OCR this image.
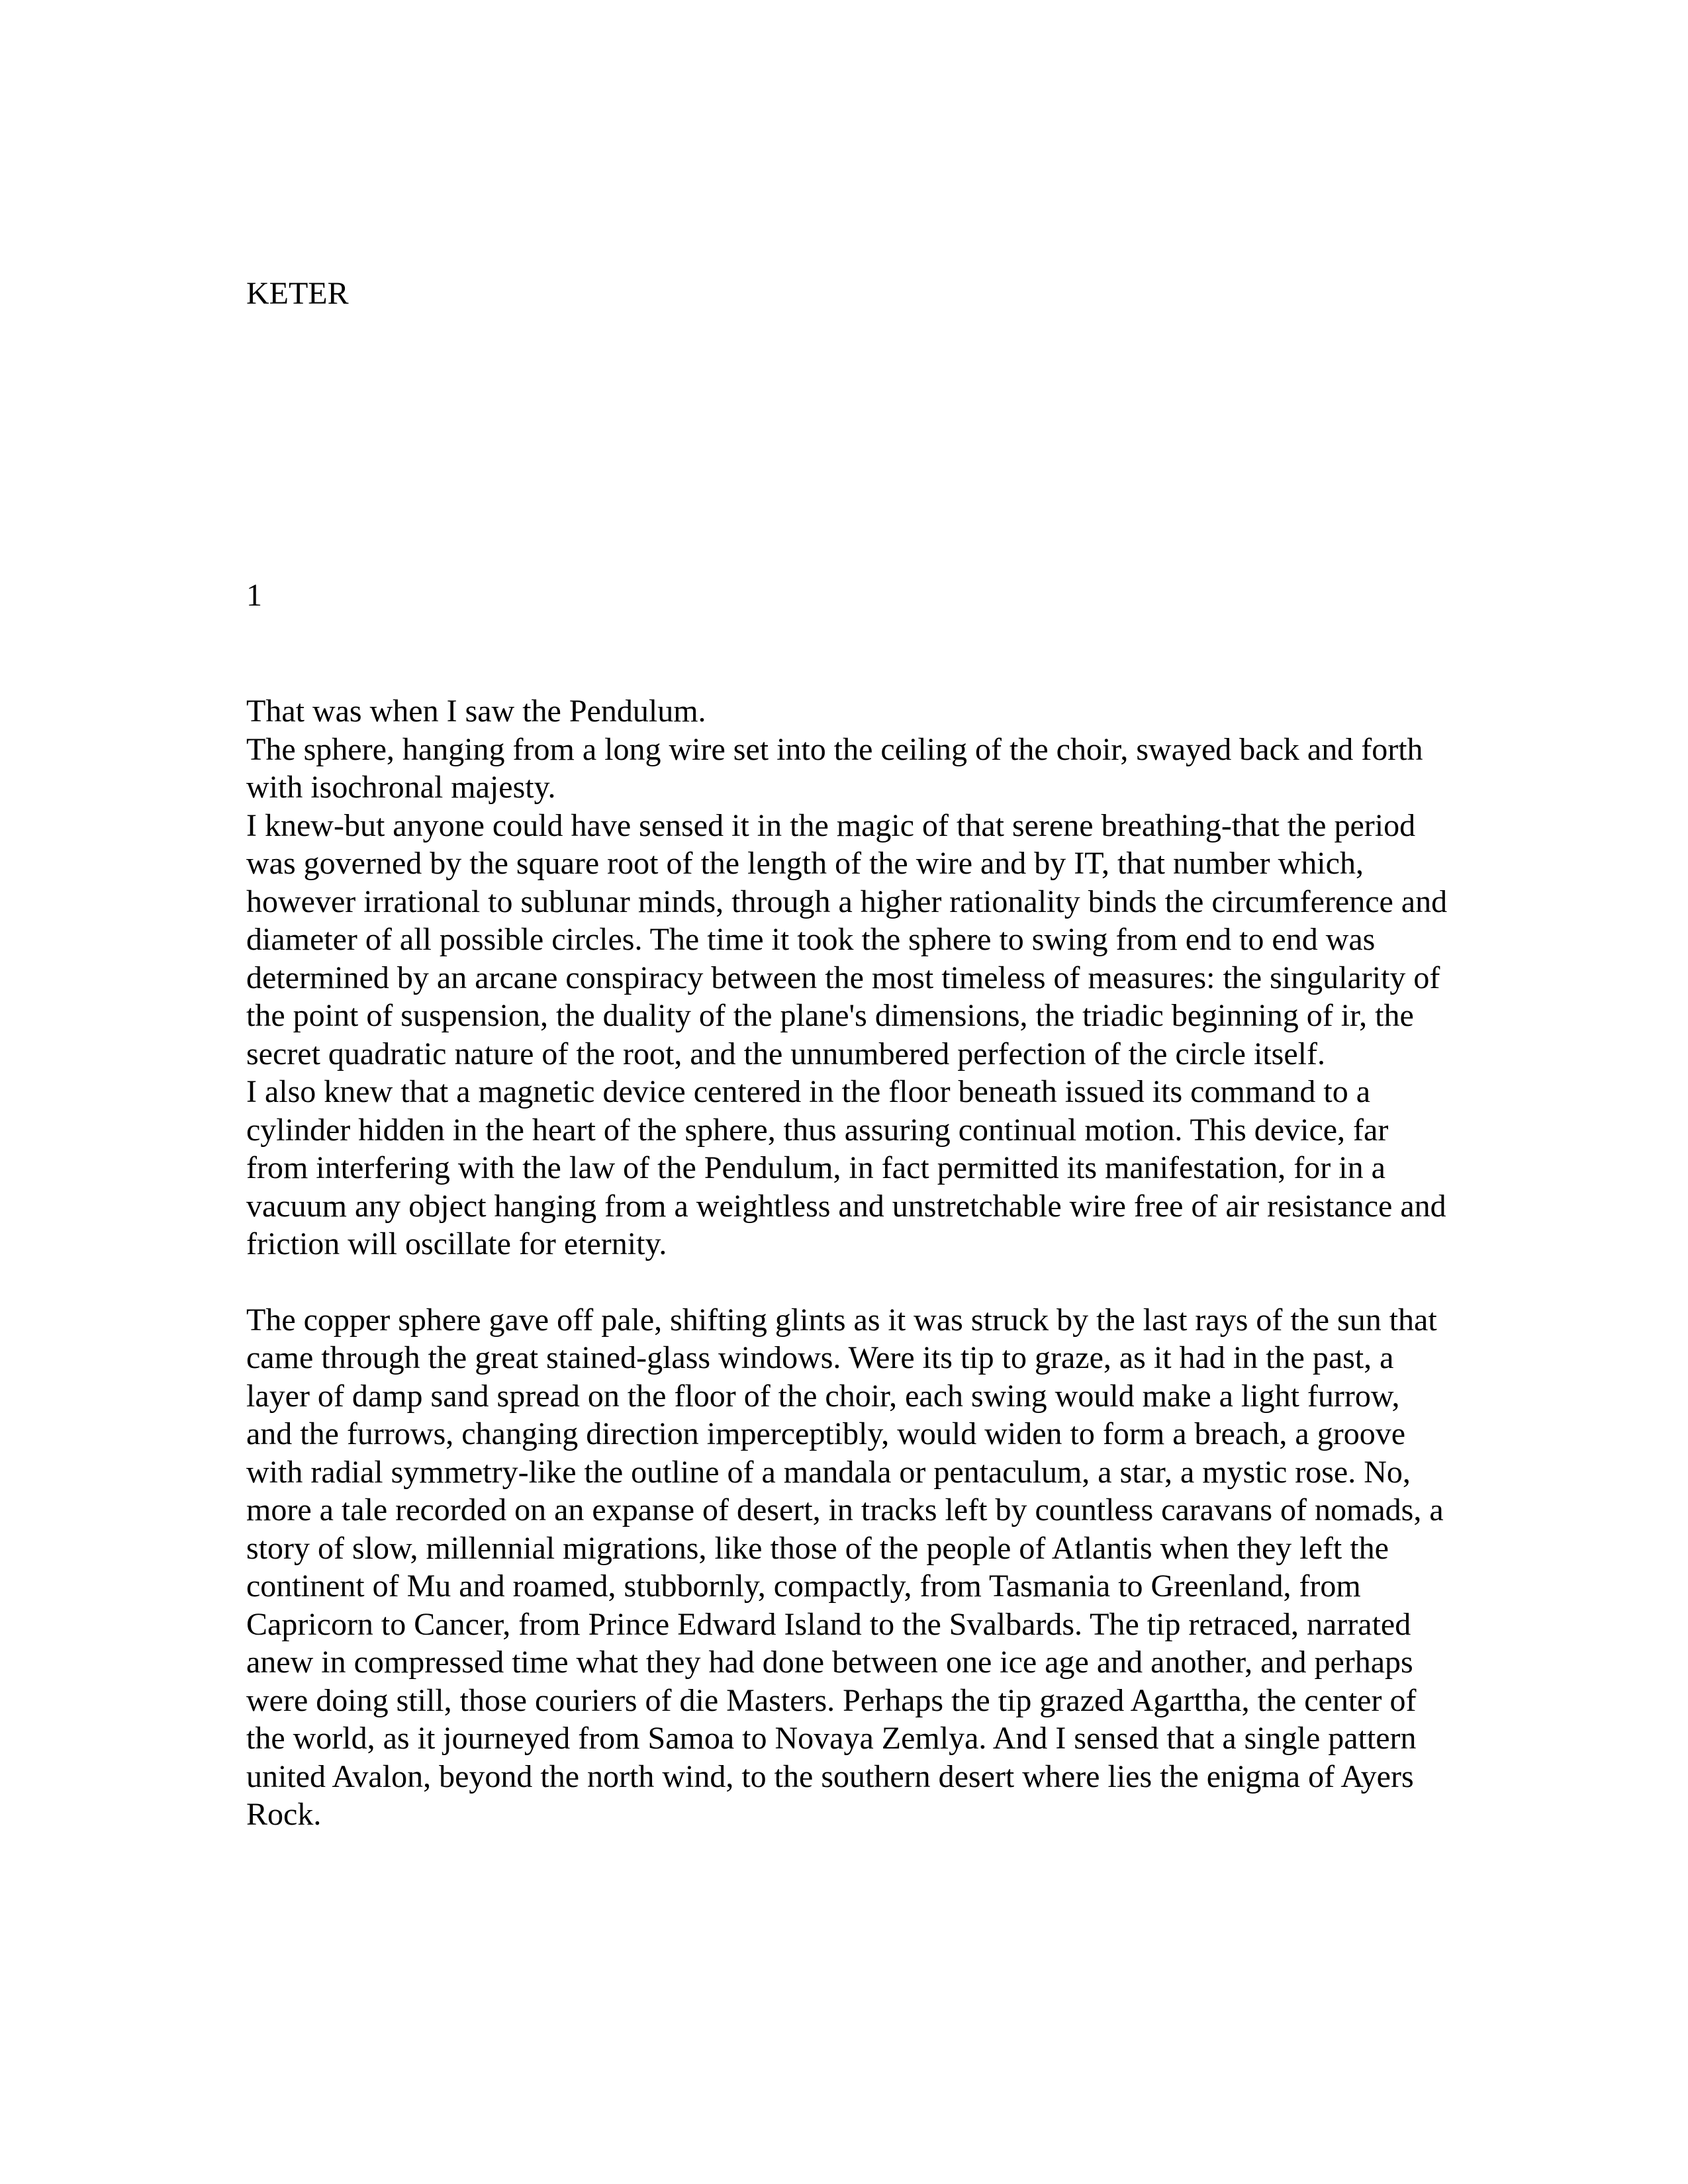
KETER
1

That was when I saw the Pendulum.

The sphere, hanging from a long wire set into the ceiling of the choir, swayed back and forth with isochronal majesty.

I knew-but anyone could have sensed it in the magic of that serene breathing-that the period was governed by the square root of the length of the wire and by IT, that number which, however irrational to sublunar minds, through a higher rationality binds the circumference and diameter of all possible circles. The time it took the sphere to swing from end to end was determined by an arcane conspiracy between the most timeless of measures: the singularity of the point of suspension, the duality of the plane's dimensions, the triadic beginning of ir, the secret quadratic nature of the root, and the unnumbered perfection of the circle itself.

I also knew that a magnetic device centered in the floor beneath issued its command to a cylinder hidden in the heart of the sphere, thus assuring continual motion. This device, far from interfering with the law of the Pendulum, in fact permitted its manifestation, for in a vacuum any object hanging from a weightless and unstretchable wire free of air resistance and friction will oscillate for eternity.

The copper sphere gave off pale, shifting glints as it was struck by the last rays of the sun that came through the great stained-glass windows. Were its tip to graze, as it had in the past, a layer of damp sand spread on the floor of the choir, each swing would make a light furrow, and the furrows, changing direction imperceptibly, would widen to form a breach, a groove with radial symmetry-like the outline of a mandala or pentaculum, a star, a mystic rose. No, more a tale recorded on an expanse of desert, in tracks left by countless caravans of nomads, a story of slow, millennial migrations, like those of the people of Atlantis when they left the continent of Mu and roamed, stubbornly, compactly, from Tasmania to Greenland, from Capricorn to Cancer, from Prince Edward Island to the Svalbards. The tip retraced, narrated anew in compressed time what they had done between one ice age and another, and perhaps were doing still, those couriers of die Masters. Perhaps the tip grazed Agarttha, the center of the world, as it journeyed from Samoa to Novaya Zemlya. And I sensed that a single pattern united Avalon, beyond the north wind, to the southern desert where lies the enigma of Ayers Rock.
